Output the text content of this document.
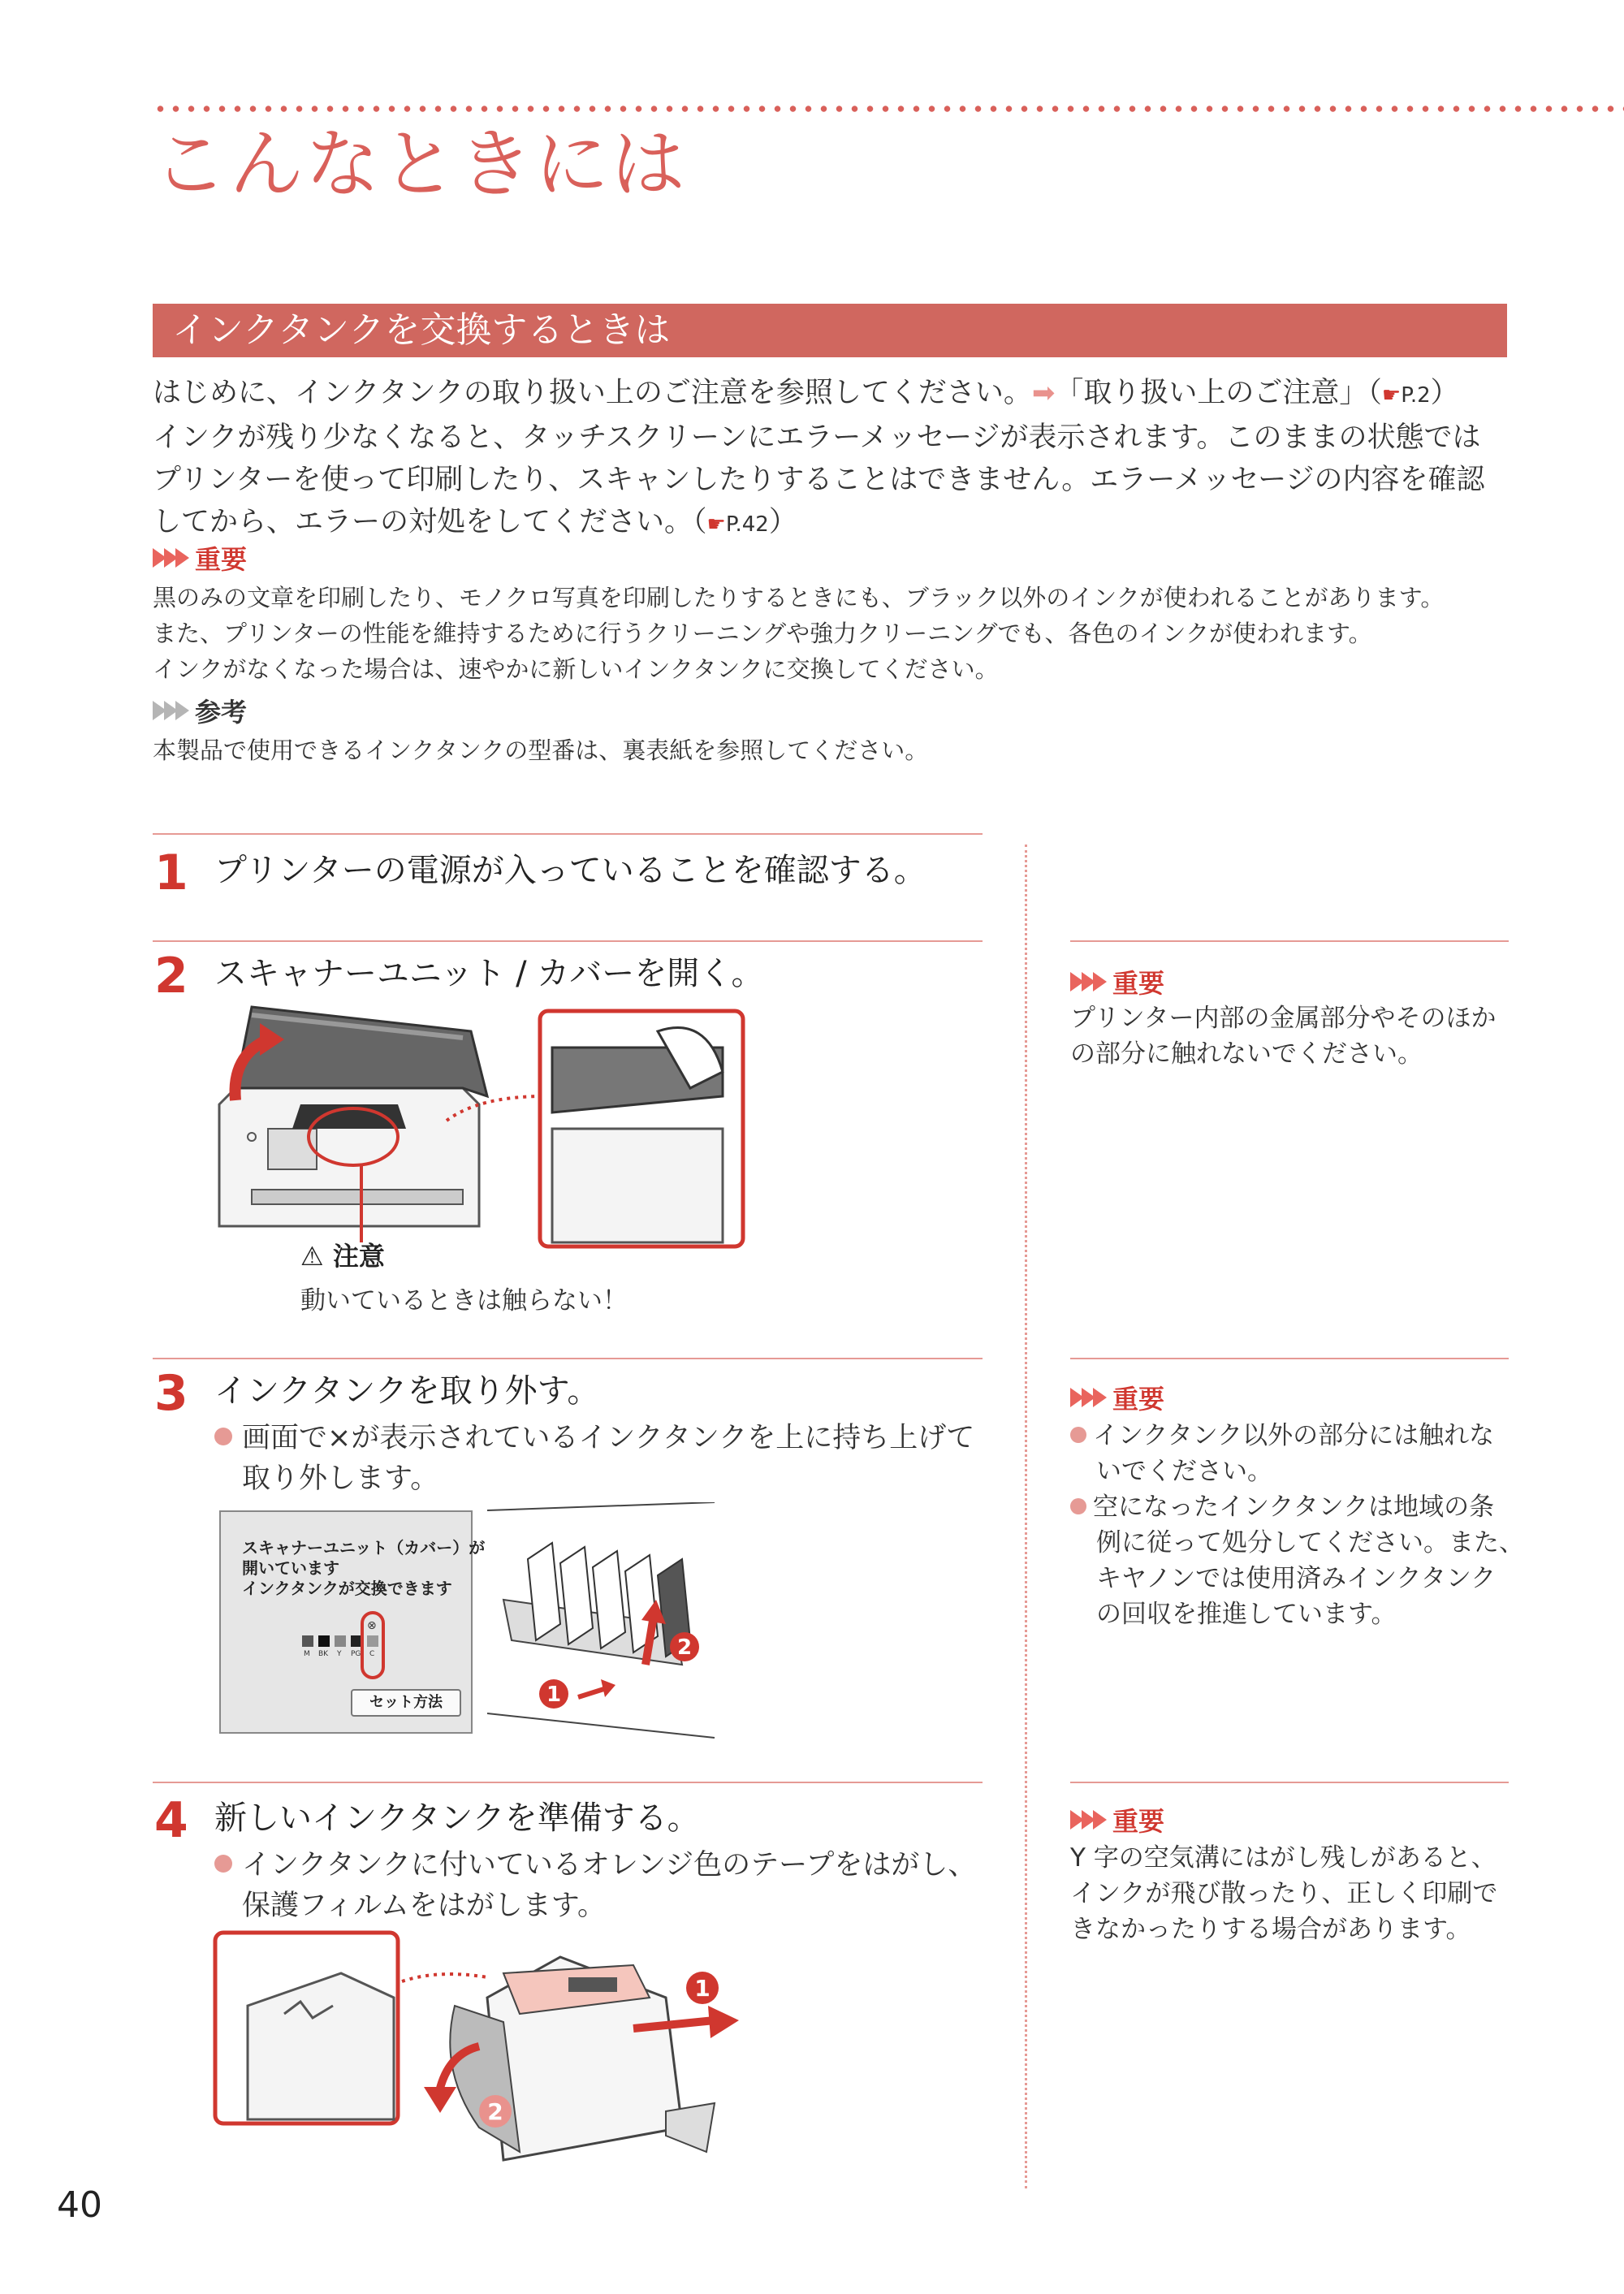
こんなときには
インクタンクを交換するときは

はじめに、インクタンクの取り扱い上のご注意を参照してください。➡「取り扱い上のご注意」（☛P.2）

インクが残り少なくなると、タッチスクリーンにエラーメッセージが表示されます。このままの状態では

プリンターを使って印刷したり、スキャンしたりすることはできません。エラーメッセージの内容を確認

してから、エラーの対処をしてください。（☛P.42）

重要

黒のみの文章を印刷したり、モノクロ写真を印刷したりするときにも、ブラック以外のインクが使われることがあります。

また、プリンターの性能を維持するために行うクリーニングや強力クリーニングでも、各色のインクが使われます。

インクがなくなった場合は、速やかに新しいインクタンクに交換してください。

参考
本製品で使用できるインクタンクの型番は、裏表紙を参照してください。
1 プリンターの電源が入っていることを確認する。
2 スキャナーユニット / カバーを開く。
⚠ 注意
動いているときは触らない！
重要
プリンター内部の金属部分やそのほか
の部分に触れないでください。
3 インクタンクを取り外す。
画面で×が表示されているインクタンクを上に持ち上げて
取り外します。

スキャナーユニット（カバー）が

開いています

インクタンクが交換できます

M BK Y PG C
⊗
セット方法
2
1
重要
インクタンク以外の部分には触れな
いでください。
空になったインクタンクは地域の条
例に従って処分してください。また、
キヤノンでは使用済みインクタンク
の回収を推進しています。
4 新しいインクタンクを準備する。
インクタンクに付いているオレンジ色のテープをはがし、
保護フィルムをはがします。
1
2
重要
Y 字の空気溝にはがし残しがあると、
インクが飛び散ったり、正しく印刷で
きなかったりする場合があります。
40
